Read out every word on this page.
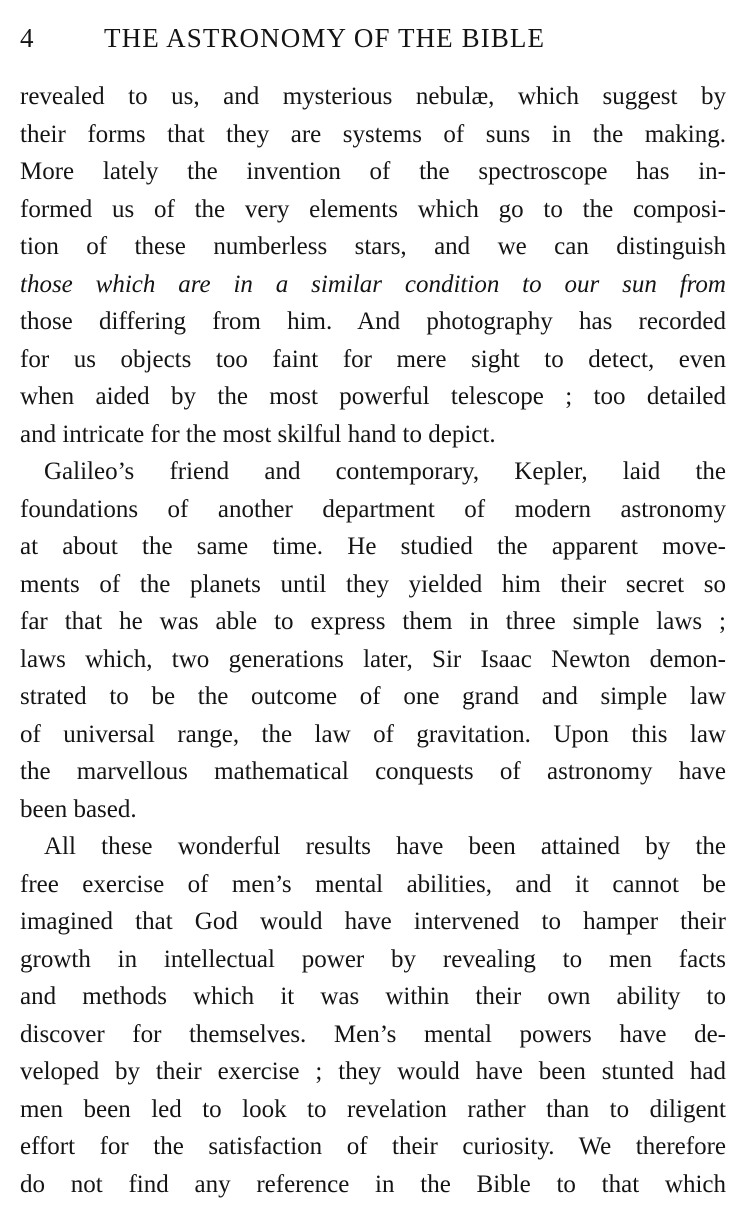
4	THE ASTRONOMY OF THE BIBLE
revealed to us, and mysterious nebulæ, which suggest by
their forms that they are systems of suns in the making.
More lately the invention of the spectroscope has in-
formed us of the very elements which go to the composi-
tion of these numberless stars, and we can distinguish
those which are in a similar condition to our sun from
those differing from him. And photography has recorded
for us objects too faint for mere sight to detect, even
when aided by the most powerful telescope ; too detailed
and intricate for the most skilful hand to depict.
Galileo’s friend and contemporary, Kepler, laid the
foundations of another department of modern astronomy
at about the same time. He studied the apparent move-
ments of the planets until they yielded him their secret so
far that he was able to express them in three simple laws ;
laws which, two generations later, Sir Isaac Newton demon-
strated to be the outcome of one grand and simple law
of universal range, the law of gravitation. Upon this law
the marvellous mathematical conquests of astronomy have
been based.
All these wonderful results have been attained by the
free exercise of men’s mental abilities, and it cannot be
imagined that God would have intervened to hamper their
growth in intellectual power by revealing to men facts
and methods which it was within their own ability to
discover for themselves. Men’s mental powers have de-
veloped by their exercise ; they would have been stunted had
men been led to look to revelation rather than to diligent
effort for the satisfaction of their curiosity. We therefore
do not find any reference in the Bible to that which
